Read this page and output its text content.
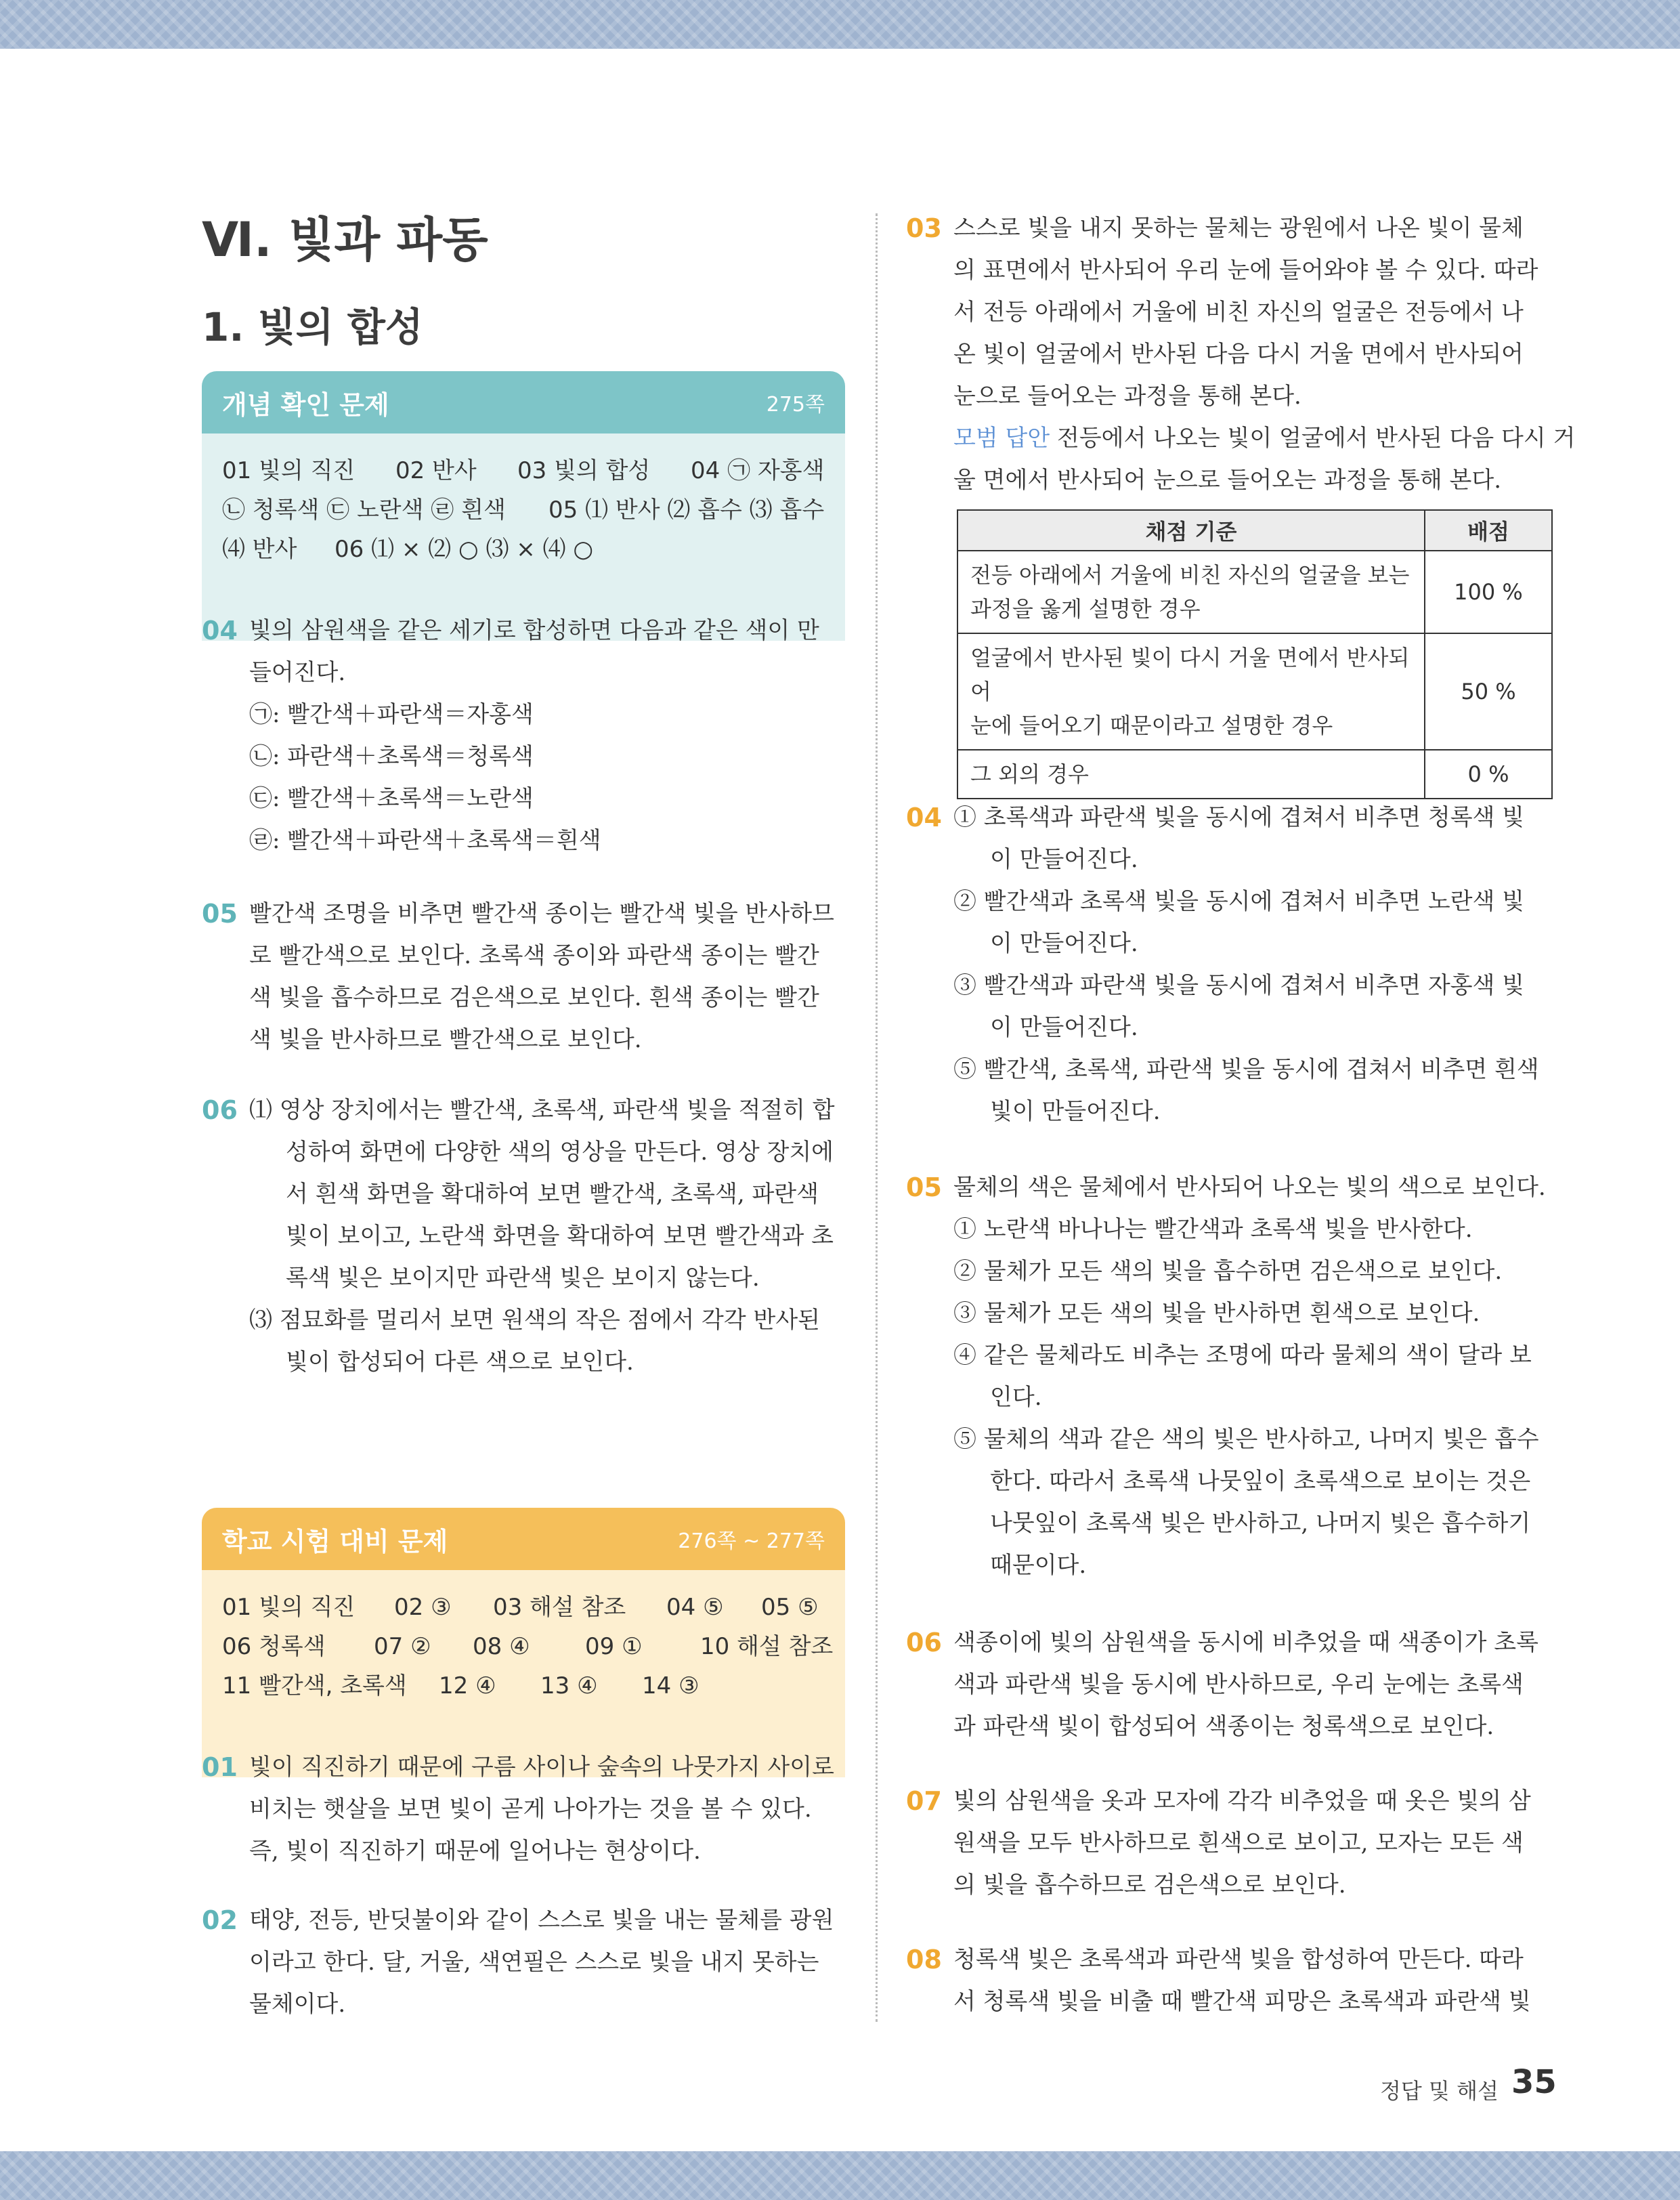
Ⅵ. 빛과 파동
1. 빛의 합성
개념 확인 문제	275쪽
01 빛의 직진 02 반사 03 빛의 합성 04 ㉠ 자홍색
㉡ 청록색 ㉢ 노란색 ㉣ 흰색 05 ⑴ 반사 ⑵ 흡수 ⑶ 흡수
⑷ 반사 06 ⑴ × ⑵ ○ ⑶ × ⑷ ○
04 빛의 삼원색을 같은 세기로 합성하면 다음과 같은 색이 만
들어진다.
㉠: 빨간색＋파란색＝자홍색
㉡: 파란색＋초록색＝청록색
㉢: 빨간색＋초록색＝노란색
㉣: 빨간색＋파란색＋초록색＝흰색
05 빨간색 조명을 비추면 빨간색 종이는 빨간색 빛을 반사하므
로 빨간색으로 보인다. 초록색 종이와 파란색 종이는 빨간
색 빛을 흡수하므로 검은색으로 보인다. 흰색 종이는 빨간
색 빛을 반사하므로 빨간색으로 보인다.
06 ⑴ 영상 장치에서는 빨간색, 초록색, 파란색 빛을 적절히 합
성하여 화면에 다양한 색의 영상을 만든다. 영상 장치에
서 흰색 화면을 확대하여 보면 빨간색, 초록색, 파란색
빛이 보이고, 노란색 화면을 확대하여 보면 빨간색과 초
록색 빛은 보이지만 파란색 빛은 보이지 않는다.
⑶ 점묘화를 멀리서 보면 원색의 작은 점에서 각각 반사된
빛이 합성되어 다른 색으로 보인다.
학교 시험 대비 문제	276쪽 ~ 277쪽
01 빛의 직진 02 ③ 03 해설 참조 04 ⑤ 05 ⑤
06 청록색 07 ② 08 ④ 09 ①	10 해설 참조
11 빨간색, 초록색 12 ④ 13 ④ 14 ③
01 빛이 직진하기 때문에 구름 사이나 숲속의 나뭇가지 사이로
비치는 햇살을 보면 빛이 곧게 나아가는 것을 볼 수 있다.
즉, 빛이 직진하기 때문에 일어나는 현상이다.
02 태양, 전등, 반딧불이와 같이 스스로 빛을 내는 물체를 광원
이라고 한다. 달, 거울, 색연필은 스스로 빛을 내지 못하는
물체이다.
03 스스로 빛을 내지 못하는 물체는 광원에서 나온 빛이 물체
의 표면에서 반사되어 우리 눈에 들어와야 볼 수 있다. 따라
서 전등 아래에서 거울에 비친 자신의 얼굴은 전등에서 나
온 빛이 얼굴에서 반사된 다음 다시 거울 면에서 반사되어
눈으로 들어오는 과정을 통해 본다.
모범 답안 전등에서 나오는 빛이 얼굴에서 반사된 다음 다시 거
울 면에서 반사되어 눈으로 들어오는 과정을 통해 본다.
채점 기준	배점

전등 아래에서 거울에 비친 자신의 얼굴을 보는
과정을 옳게 설명한 경우	100 %

얼굴에서 반사된 빛이 다시 거울 면에서 반사되어
눈에 들어오기 때문이라고 설명한 경우	50 %

그 외의 경우	0 %
04 ① 초록색과 파란색 빛을 동시에 겹쳐서 비추면 청록색 빛
이 만들어진다.
② 빨간색과 초록색 빛을 동시에 겹쳐서 비추면 노란색 빛
이 만들어진다.
③ 빨간색과 파란색 빛을 동시에 겹쳐서 비추면 자홍색 빛
이 만들어진다.
⑤ 빨간색, 초록색, 파란색 빛을 동시에 겹쳐서 비추면 흰색
빛이 만들어진다.
05 물체의 색은 물체에서 반사되어 나오는 빛의 색으로 보인다.
① 노란색 바나나는 빨간색과 초록색 빛을 반사한다.
② 물체가 모든 색의 빛을 흡수하면 검은색으로 보인다.
③ 물체가 모든 색의 빛을 반사하면 흰색으로 보인다.
④ 같은 물체라도 비추는 조명에 따라 물체의 색이 달라 보
인다.
⑤ 물체의 색과 같은 색의 빛은 반사하고, 나머지 빛은 흡수
한다. 따라서 초록색 나뭇잎이 초록색으로 보이는 것은
나뭇잎이 초록색 빛은 반사하고, 나머지 빛은 흡수하기
때문이다.
06 색종이에 빛의 삼원색을 동시에 비추었을 때 색종이가 초록
색과 파란색 빛을 동시에 반사하므로, 우리 눈에는 초록색
과 파란색 빛이 합성되어 색종이는 청록색으로 보인다.
07 빛의 삼원색을 옷과 모자에 각각 비추었을 때 옷은 빛의 삼
원색을 모두 반사하므로 흰색으로 보이고, 모자는 모든 색
의 빛을 흡수하므로 검은색으로 보인다.
08 청록색 빛은 초록색과 파란색 빛을 합성하여 만든다. 따라
서 청록색 빛을 비출 때 빨간색 피망은 초록색과 파란색 빛
정답 및 해설 35
